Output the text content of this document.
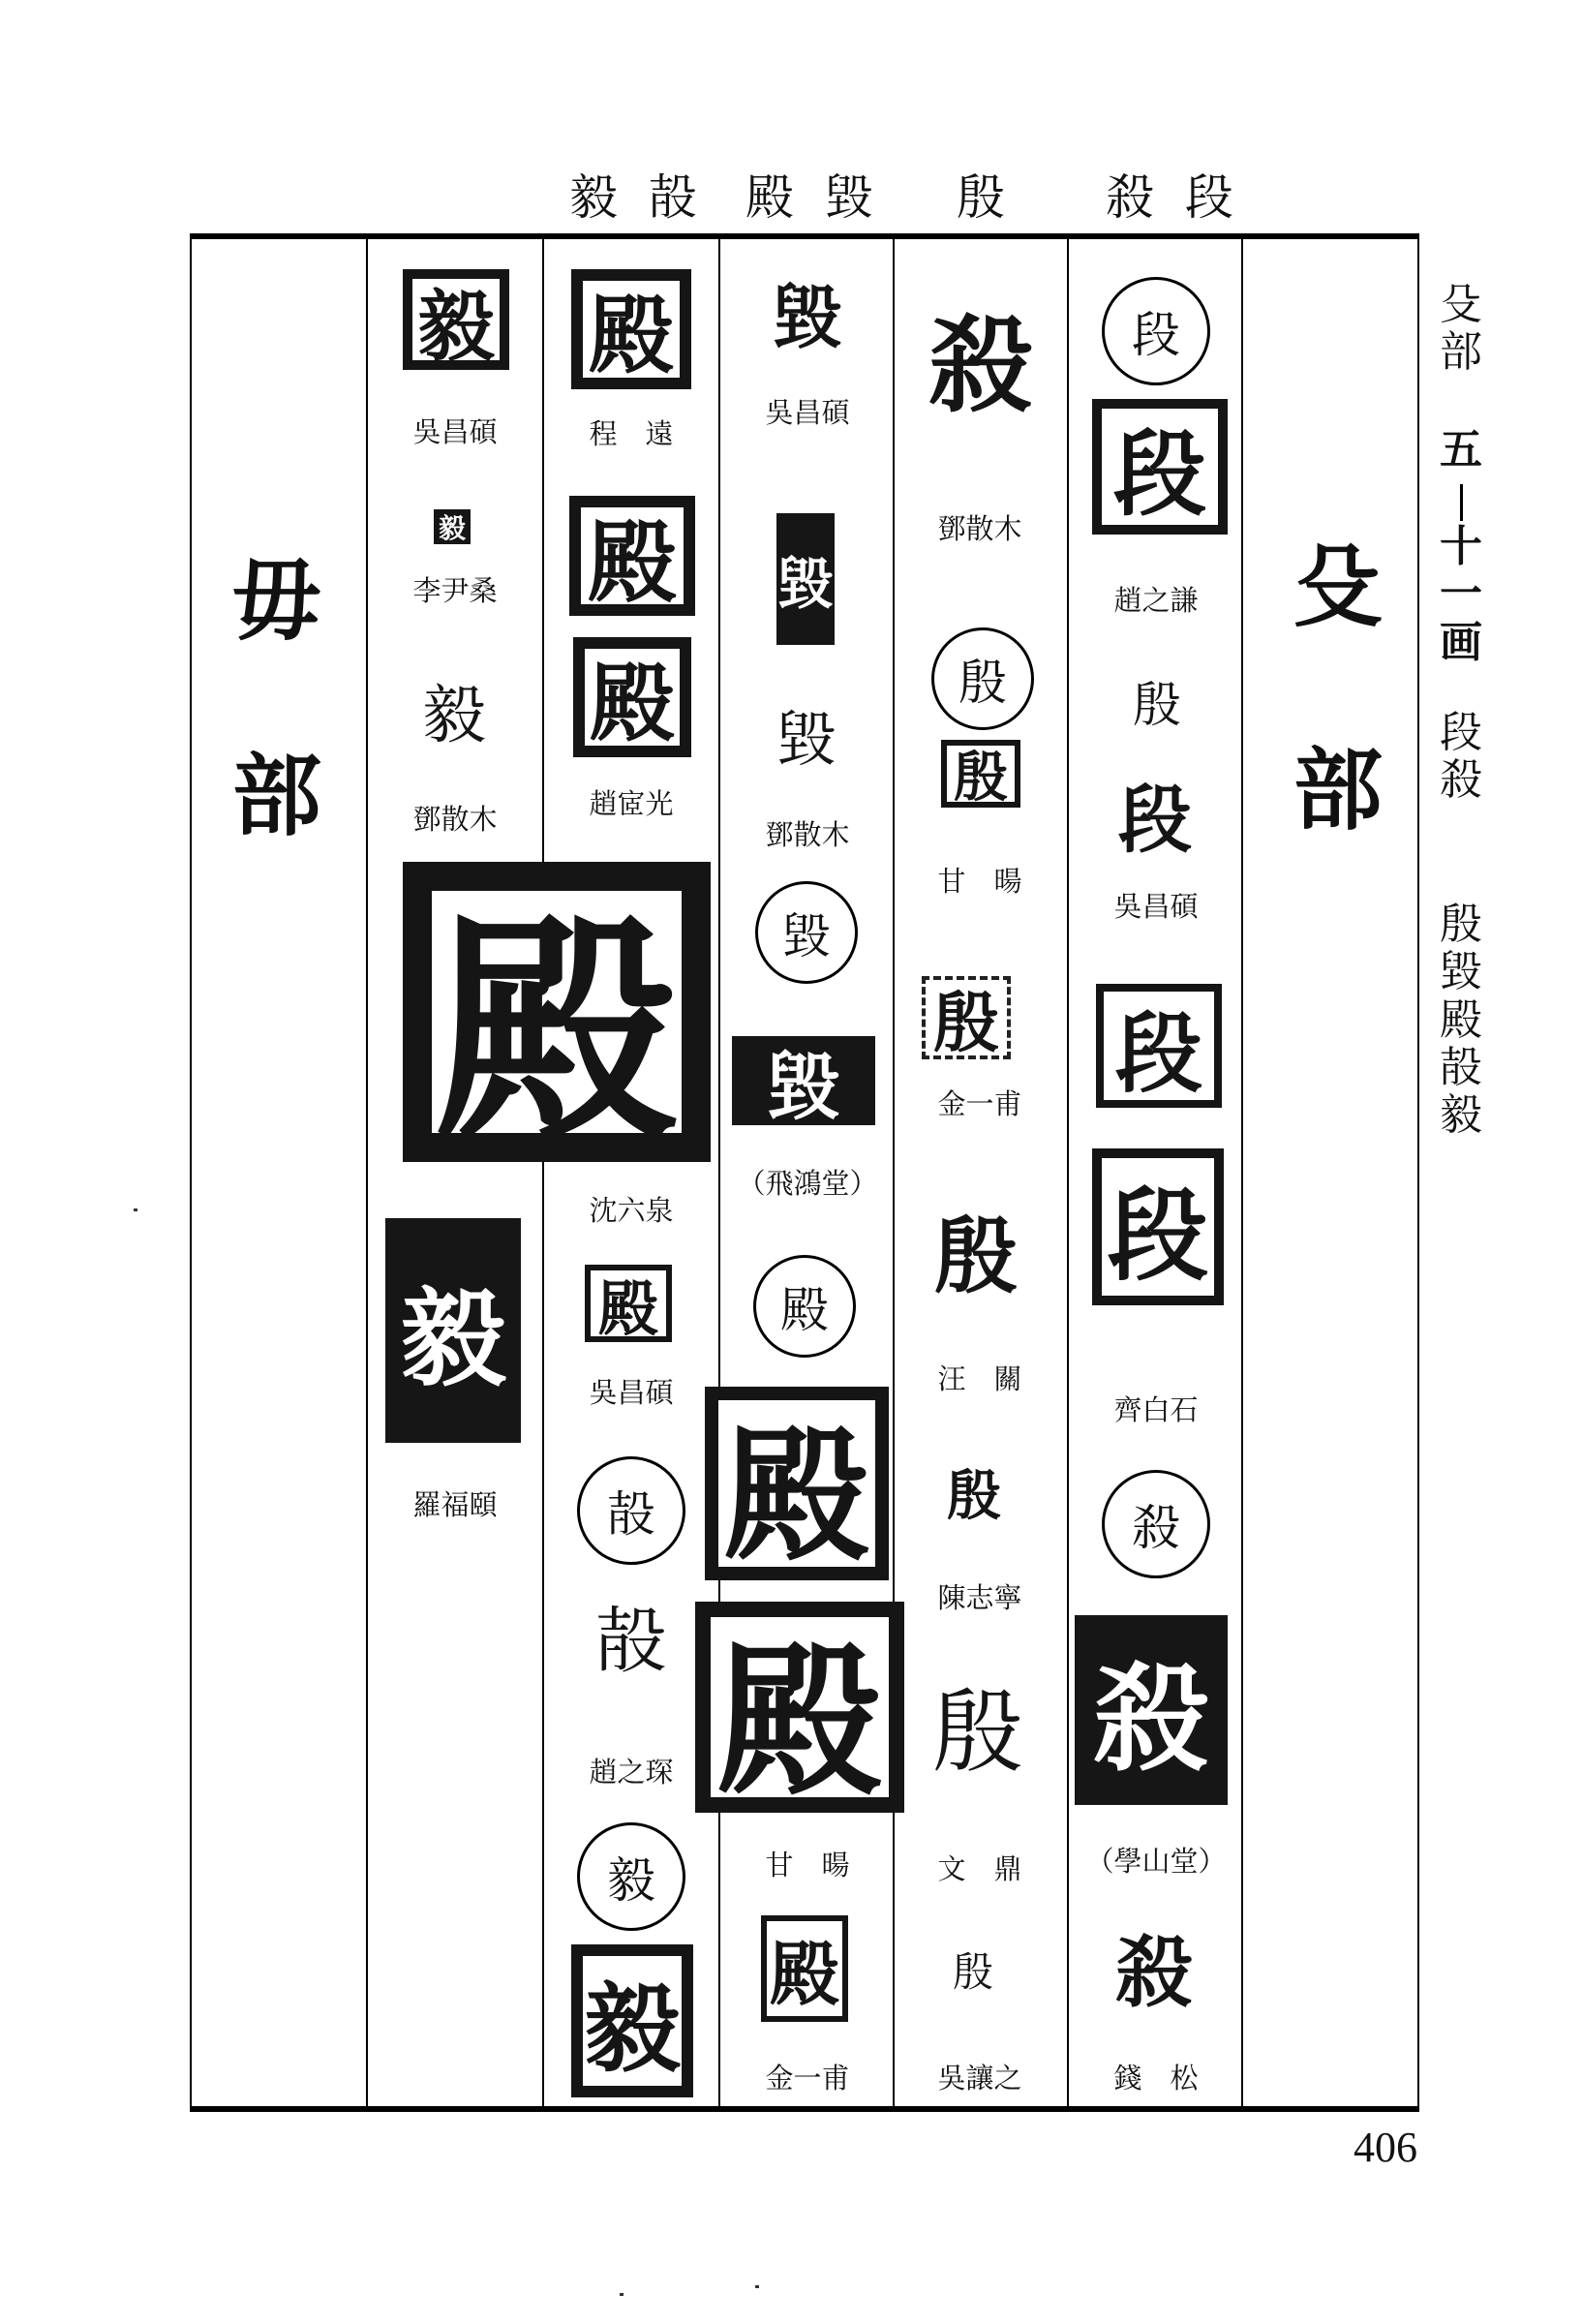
毅 㱿 殿 毀 殷 殺 段
殳
部
毋
部
段
段
趙之謙
殷
段
吳昌碩
段
段
齊白石
殺
殺
（學山堂）
殺
錢　松
殺
鄧散木
殷
殷
甘　暘
殷
金一甫
殷
汪　關
殷
陳志寧
殷
文　鼎
殷
吳讓之
毀
吳昌碩
毀
毀
鄧散木
毀
毀
（飛鴻堂）
殿
殿
殿
甘　暘
殿
金一甫
殿
程　遠
殿
殿
趙宧光
沈六泉
殿
吳昌碩
㱿
㱿
趙之琛
毅
毅
毅
吳昌碩
毅
李尹桑
毅
鄧散木
殿
毅
羅福頤
殳
部
五
十
一
画
段
殺
殷
毀
殿
㱿
毅
406
